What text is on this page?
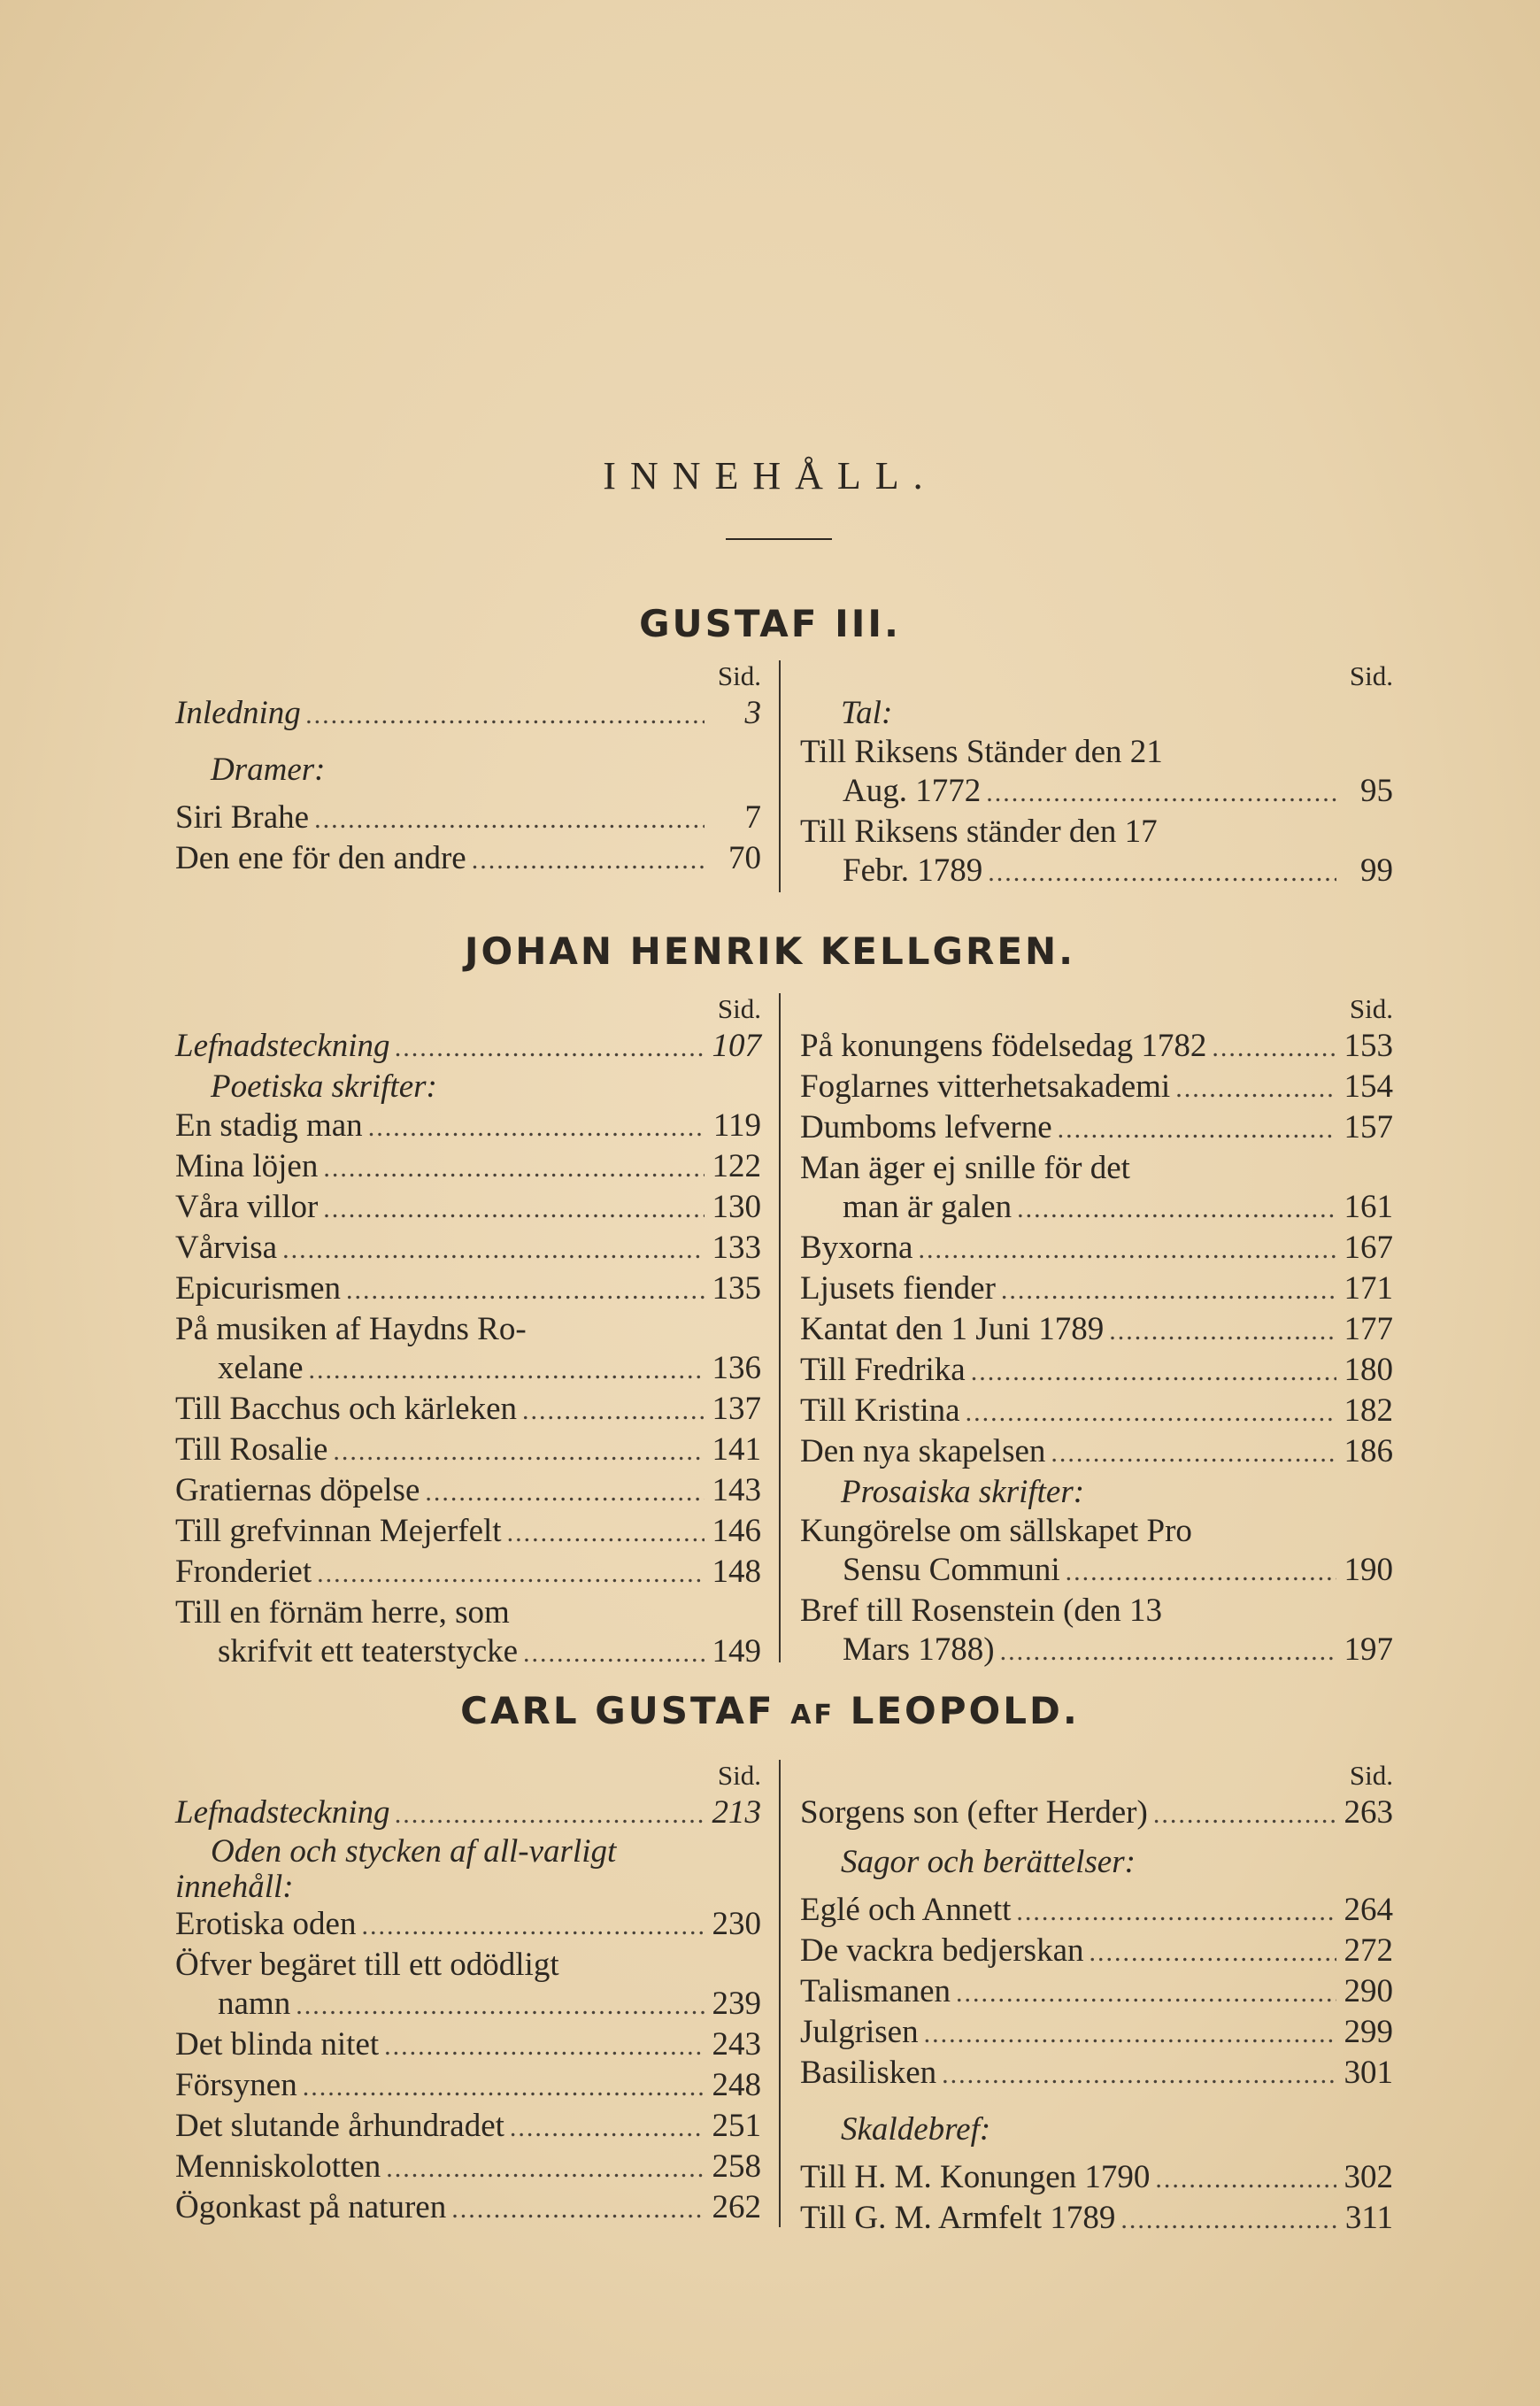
INNEHÅLL.
GUSTAF III.
Sid.
Inledning .....	3
Dramer:
Siri Brahe .....	7
Den ene för den andre .....	70
Sid.
Tal:
Till Riksens Ständer den 21
Aug. 1772 .....	95
Till Riksens ständer den 17
Febr. 1789 .....	99
JOHAN HENRIK KELLGREN.
Sid.
Lefnadsteckning .....	107
Poetiska skrifter:
En stadig man .....	119
Mina löjen .....	122
Våra villor .....	130
Vårvisa .....	133
Epicurismen .....	135
På musiken af Haydns Ro-
xelane .....	136
Till Bacchus och kärleken .....	137
Till Rosalie .....	141
Gratiernas döpelse .....	143
Till grefvinnan Mejerfelt .....	146
Fronderiet .....	148
Till en förnäm herre, som
skrifvit ett teaterstycke .....	149
Sid.
På konungens födelsedag 1782 .....	153
Foglarnes vitterhetsakademi .....	154
Dumboms lefverne .....	157
Man äger ej snille för det
man är galen .....	161
Byxorna .....	167
Ljusets fiender .....	171
Kantat den 1 Juni 1789 .....	177
Till Fredrika .....	180
Till Kristina .....	182
Den nya skapelsen .....	186
Prosaiska skrifter:
Kungörelse om sällskapet Pro
Sensu Communi .....	190
Bref till Rosenstein (den 13
Mars 1788) .....	197
CARL GUSTAF AF LEOPOLD.
Sid.
Lefnadsteckning .....	213
Oden och stycken af all-varligt innehåll:
Erotiska oden .....	230
Öfver begäret till ett odödligt
namn .....	239
Det blinda nitet .....	243
Försynen .....	248
Det slutande århundradet .....	251
Menniskolotten .....	258
Ögonkast på naturen .....	262
Sid.
Sorgens son (efter Herder) .....	263
Sagor och berättelser:
Eglé och Annett .....	264
De vackra bedjerskan .....	272
Talismanen .....	290
Julgrisen .....	299
Basilisken .....	301
Skaldebref:
Till H. M. Konungen 1790 .....	302
Till G. M. Armfelt 1789 .....	311
